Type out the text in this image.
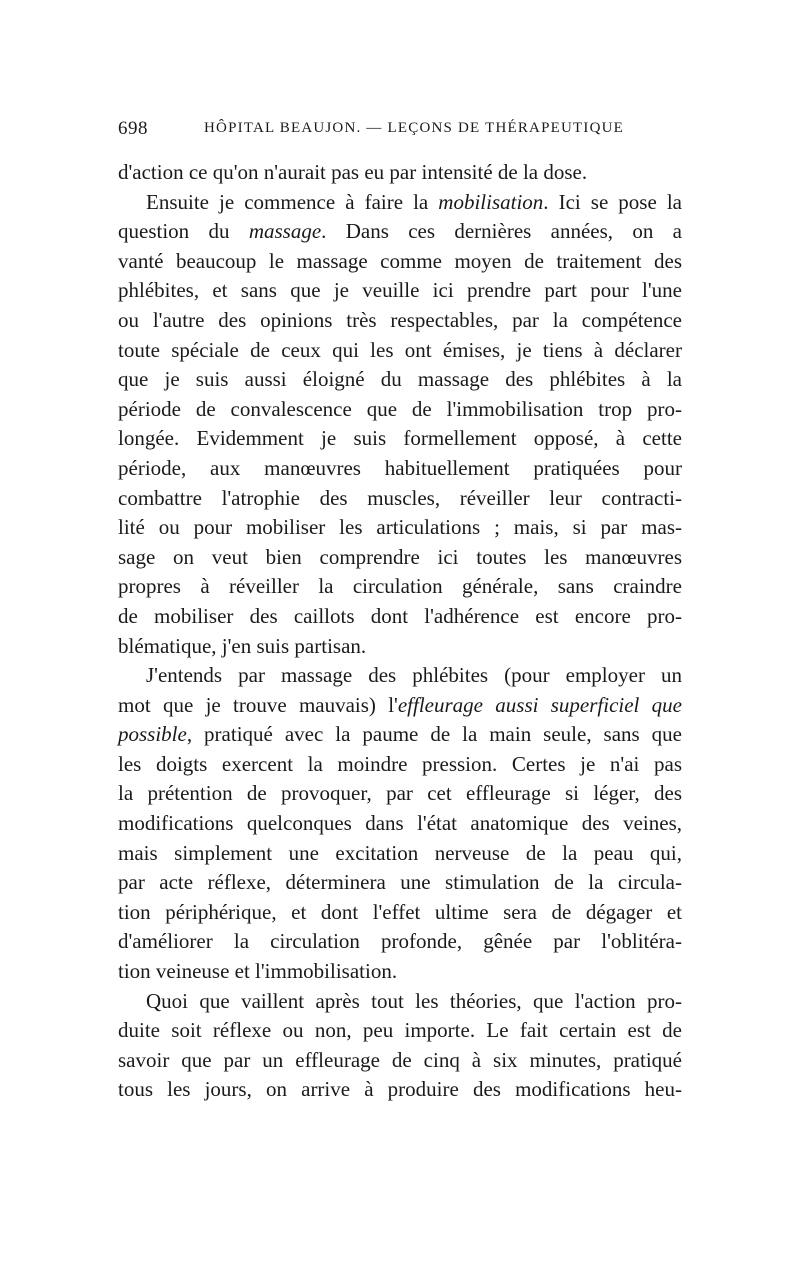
698	HÔPITAL BEAUJON. — LEÇONS DE THÉRAPEUTIQUE
d'action ce qu'on n'aurait pas eu par intensité de la dose.
Ensuite je commence à faire la mobilisation. Ici se pose la
question du massage. Dans ces dernières années, on a
vanté beaucoup le massage comme moyen de traitement des
phlébites, et sans que je veuille ici prendre part pour l'une
ou l'autre des opinions très respectables, par la compétence
toute spéciale de ceux qui les ont émises, je tiens à déclarer
que je suis aussi éloigné du massage des phlébites à la
période de convalescence que de l'immobilisation trop pro-
longée. Evidemment je suis formellement opposé, à cette
période, aux manœuvres habituellement pratiquées pour
combattre l'atrophie des muscles, réveiller leur contracti-
lité ou pour mobiliser les articulations ; mais, si par mas-
sage on veut bien comprendre ici toutes les manœuvres
propres à réveiller la circulation générale, sans craindre
de mobiliser des caillots dont l'adhérence est encore pro-
blématique, j'en suis partisan.
J'entends par massage des phlébites (pour employer un
mot que je trouve mauvais) l'effleurage aussi superficiel que
possible, pratiqué avec la paume de la main seule, sans que
les doigts exercent la moindre pression. Certes je n'ai pas
la prétention de provoquer, par cet effleurage si léger, des
modifications quelconques dans l'état anatomique des veines,
mais simplement une excitation nerveuse de la peau qui,
par acte réflexe, déterminera une stimulation de la circula-
tion périphérique, et dont l'effet ultime sera de dégager et
d'améliorer la circulation profonde, gênée par l'oblitéra-
tion veineuse et l'immobilisation.
Quoi que vaillent après tout les théories, que l'action pro-
duite soit réflexe ou non, peu importe. Le fait certain est de
savoir que par un effleurage de cinq à six minutes, pratiqué
tous les jours, on arrive à produire des modifications heu-
